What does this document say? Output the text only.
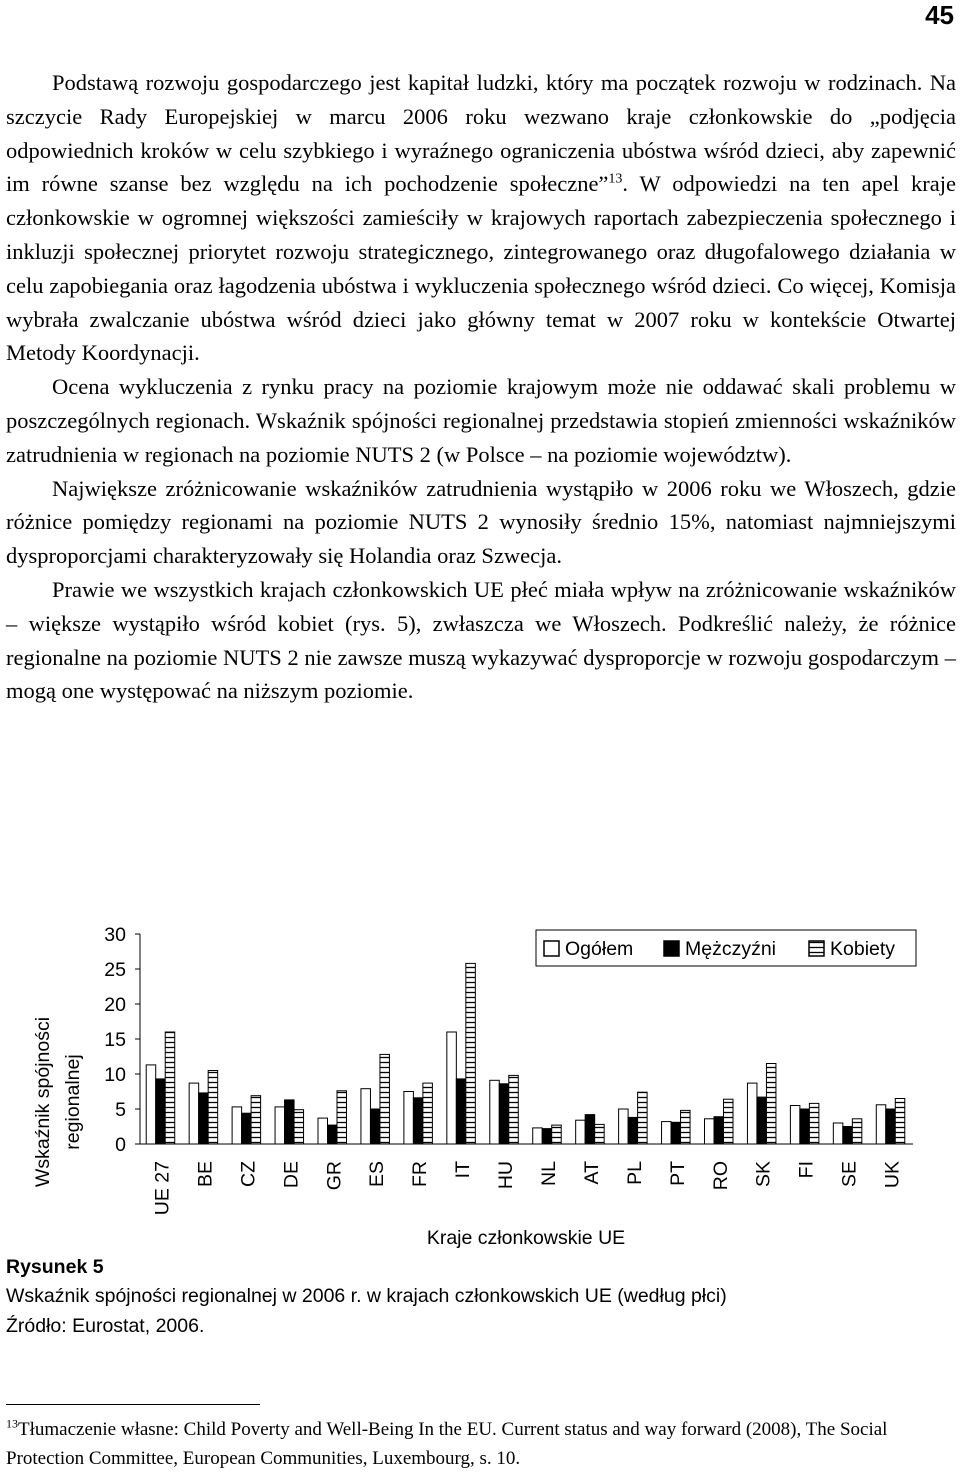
45

Podstawą rozwoju gospodarczego jest kapitał ludzki, który ma początek rozwoju w rodzinach. Na szczycie Rady Europejskiej w marcu 2006 roku wezwano kraje członkowskie do „podjęcia odpowiednich kroków w celu szybkiego i wyraźnego ograniczenia ubóstwa wśród dzieci, aby zapewnić im równe szanse bez względu na ich pochodzenie społeczne”$^{13}$. W odpowiedzi na ten apel kraje członkowskie w ogromnej większości zamieściły w krajowych raportach zabezpieczenia społecznego i inkluzji społecznej priorytet rozwoju strategicznego, zintegrowanego oraz długofalowego działania w celu zapobiegania oraz łagodzenia ubóstwa i wykluczenia społecznego wśród dzieci. Co więcej, Komisja wybrała zwalczanie ubóstwa wśród dzieci jako główny temat w 2007 roku w kontekście Otwartej Metody Koordynacji.

Ocena wykluczenia z rynku pracy na poziomie krajowym może nie oddawać skali problemu w poszczególnych regionach. Wskaźnik spójności regionalnej przedstawia stopień zmienności wskaźników zatrudnienia w regionach na poziomie NUTS 2 (w Polsce – na poziomie województw).

Największe zróżnicowanie wskaźników zatrudnienia wystąpiło w 2006 roku we Włoszech, gdzie różnice pomiędzy regionami na poziomie NUTS 2 wynosiły średnio 15%, natomiast najmniejszymi dysproporcjami charakteryzowały się Holandia oraz Szwecja.

Prawie we wszystkich krajach członkowskich UE płeć miała wpływ na zróżnicowanie wskaźników – większe wystąpiło wśród kobiet (rys. 5), zwłaszcza we Włoszech. Podkreślić należy, że różnice regionalne na poziomie NUTS 2 nie zawsze muszą wykazywać dysproporcje w rozwoju gospodarczym – mogą one występować na niższym poziomie.

Wskaźnik spójności regionalnej 0
5
10
15
20
25
30
UE 27 BE CZ DE GR ES FR IT HU NL AT PL PT RO SK FI SE UK
Kraje członkowskie UE
Ogółem	Mężczyźni	Kobiety
Rysunek 5
Wskaźnik spójności regionalnej w 2006 r. w krajach członkowskich UE (według płci)
Źródło: Eurostat, 2006.
$^{13}$Tłumaczenie własne: Child Poverty and Well-Being In the EU. Current status and way forward (2008), The Social Protection Committee, European Communities, Luxembourg, s. 10.
